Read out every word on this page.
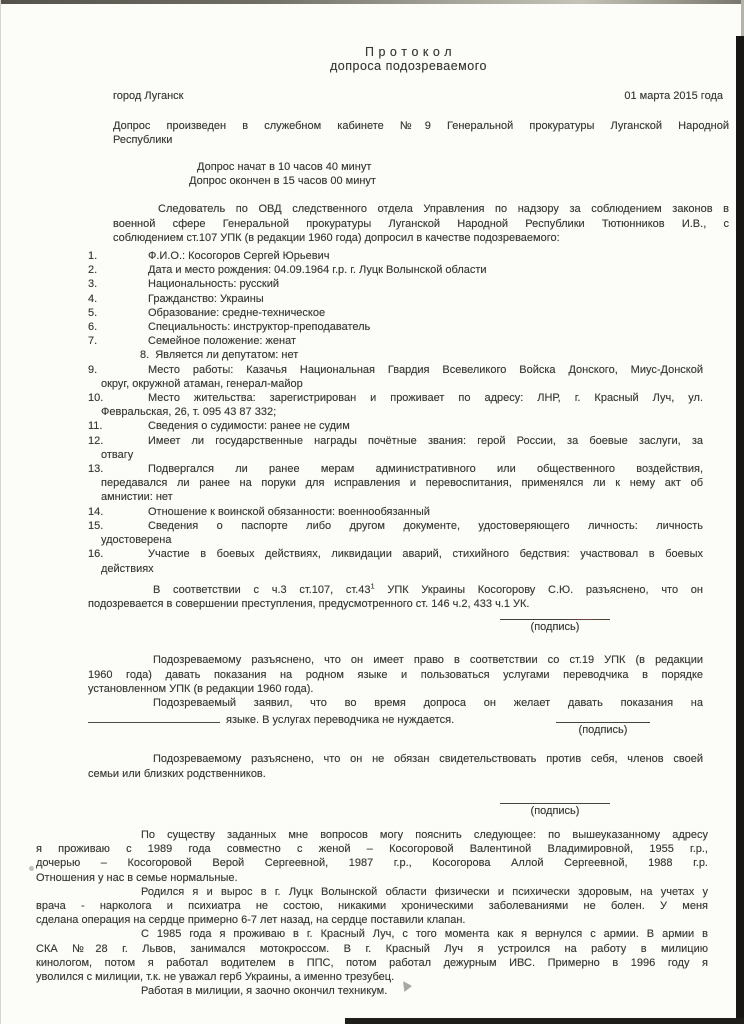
П р о т о к о л
допроса подозреваемого
город Луганск	01 марта 2015 года
Допрос произведен в служебном кабинете №9 Генеральной прокуратуры Луганской Народной
Республики
Допрос начат в 10 часов 40 минут
Допрос окончен в 15 часов 00 минут
Следователь по ОВД следственного отдела Управления по надзору за соблюдением законов в
военной сфере Генеральной прокуратуры Луганской Народной Республики Тютюнников И.В., с
соблюдением ст.107 УПК (в редакции 1960 года) допросил в качестве подозреваемого:
1.	Ф.И.О.: Косогоров Сергей Юрьевич
2.	Дата и место рождения: 04.09.1964 г.р. г. Луцк Волынской области
3.	Национальность: русский
4.	Гражданство: Украины
5.	Образование: средне-техническое
6.	Специальность: инструктор-преподаватель
7.	Семейное положение: женат
8. Является ли депутатом: нет
9.	Место работы: Казачья Национальная Гвардия Всевеликого Войска Донского, Миус-Донской
округ, окружной атаман, генерал-майор
10.	Место жительства: зарегистрирован и проживает по адресу: ЛНР, г. Красный Луч, ул.
Февральская, 26, т. 095 43 87 332;
11.	Сведения о судимости: ранее не судим
12.	Имеет ли государственные награды почётные звания: герой России, за боевые заслуги, за
отвагу
13.	Подвергался ли ранее мерам административного или общественного воздействия,
передавался ли ранее на поруки для исправления и перевоспитания, применялся ли к нему акт об
амнистии: нет
14.	Отношение к воинской обязанности: военнообязанный
15.	Сведения о паспорте либо другом документе, удостоверяющего личность: личность
удостоверена
16.	Участие в боевых действиях, ликвидации аварий, стихийного бедствия: участвовал в боевых
действиях
В соответствии с ч.3 ст.107, $ст.43^1$ УПК Украины Косогорову С.Ю. разъяснено, что он
подозревается в совершении преступления, предусмотренного ст. 146 ч.2, 433 ч.1 УК.
(подпись)
Подозреваемому разъяснено, что он имеет право в соответствии со ст.19 УПК (в редакции
1960 года) давать показания на родном языке и пользоваться услугами переводчика в порядке
установленном УПК (в редакции 1960 года).
Подозреваемый заявил, что во время допроса он желает давать показания на
языке. В услугах переводчика не нуждается.
(подпись)
Подозреваемому разъяснено, что он не обязан свидетельствовать против себя, членов своей
семьи или близких родственников.
(подпись)

По существу заданных мне вопросов могу пояснить следующее: по вышеуказанному адресу
я проживаю с 1989 года совместно с женой – Косогоровой Валентиной Владимировной, 1955 г.р.,
дочерью – Косогоровой Верой Сергеевной, 1987 г.р., Косогорова Аллой Сергеевной, 1988 г.р.
Отношения у нас в семье нормальные.

Родился я и вырос в г. Луцк Волынской области физически и психически здоровым, на учетах у
врача - нарколога и психиатра не состою, никакими хроническими заболеваниями не болен. У меня
сделана операция на сердце примерно 6-7 лет назад, на сердце поставили клапан.

С 1985 года я проживаю в г. Красный Луч, с того момента как я вернулся с армии. В армии в
СКА №28 г. Львов, занимался мотокроссом. В г. Красный Луч я устроился на работу в милицию
кинологом, потом я работал водителем в ППС, потом работал дежурным ИВС. Примерно в 1996 году я
уволился с милиции, т.к. не уважал герб Украины, а именно трезубец.

Работая в милиции, я заочно окончил техникум.
